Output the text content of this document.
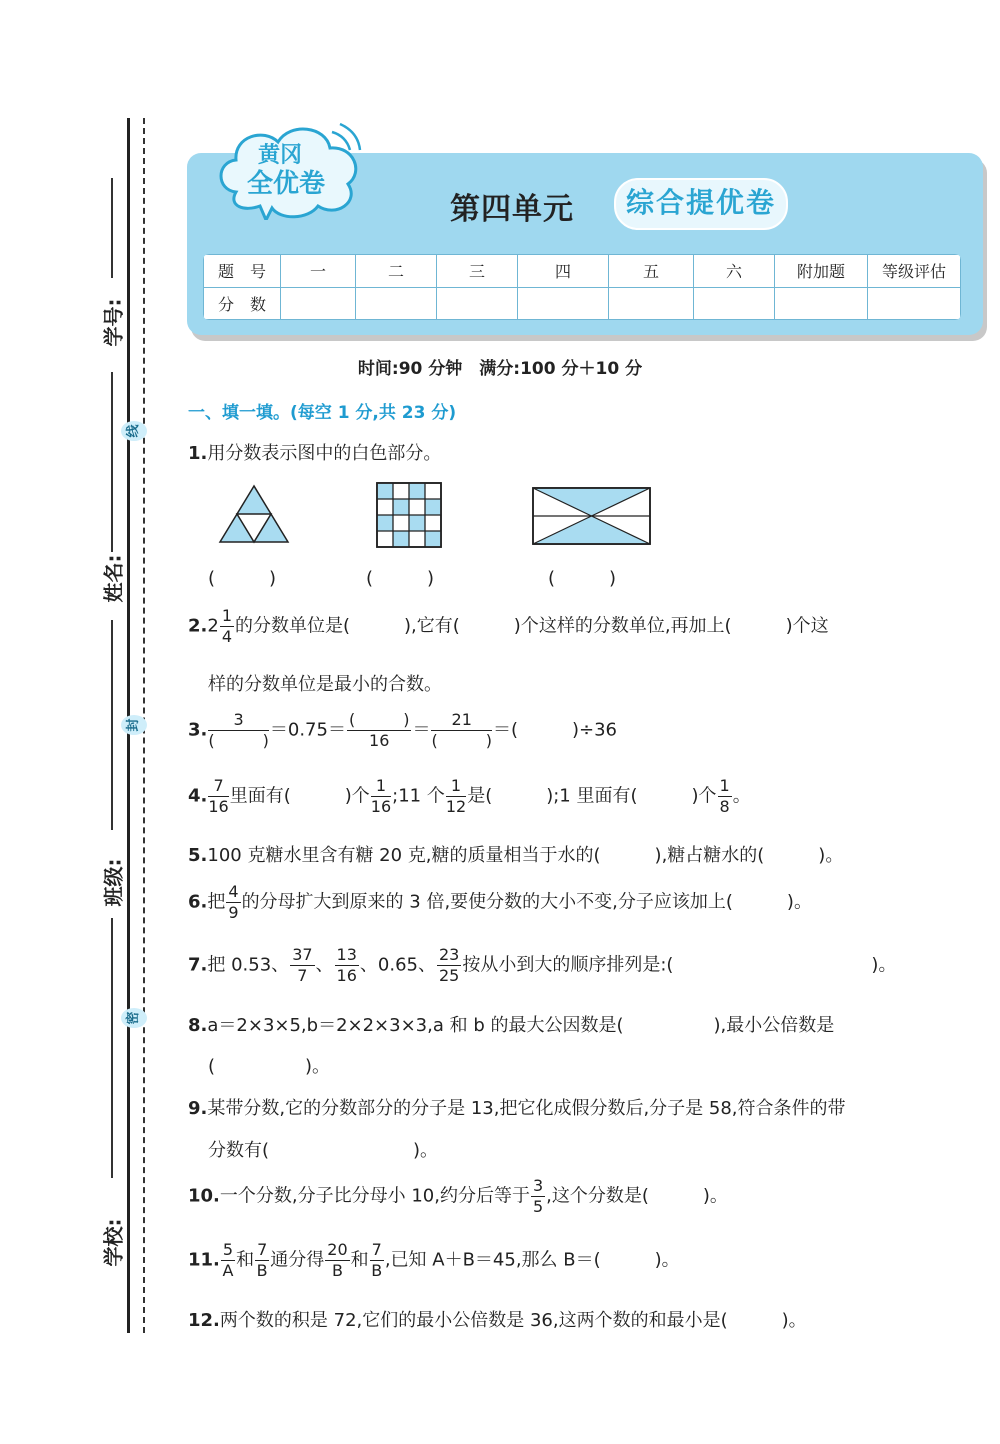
学号:
姓名:
班级:
学校:
线
封
密
黄冈
全优卷
第四单元	综合提优卷
题　号	一	二	三	四	五	六	附加题	等级评估
分　数								
时间:90 分钟　满分:100 分＋10 分
一、填一填。(每空 1 分,共 23 分)
1.用分数表示图中的白色部分。
(　　　)	(　　　)	(　　　)
$2.2 \frac{1}{4}$ 的分数单位是(　　　),它有(　　　)个这样的分数单位,再加上(　　　)个这
样的分数单位是最小的合数。
3. $\frac{3}{( )} =0.75= \frac{( )}{16} = \frac{21}{( )}$ ＝(　　　)÷36
4. $\frac{7}{16}$ 里面有(　　　)个 $\frac{1}{16}$ ;11 个 $\frac{1}{12}$ 是(　　　);1 里面有(　　　)个 $\frac{1}{8}$ 。
5.100 克糖水里含有糖 20 克,糖的质量相当于水的(　　　),糖占糖水的(　　　)。
6.把 $\frac{4}{9}$ 的分母扩大到原来的 3 倍,要使分数的大小不变,分子应该加上(　　　)。
7.把 0.53、 $\frac{37}{7}$ 、 $\frac{13}{16}$ 、0.65、 $\frac{23}{25}$ 按从小到大的顺序排列是:(　　　　　　　　　　　)。
8.a＝2×3×5,b＝2×2×3×3,a 和 b 的最大公因数是(　　　　　),最小公倍数是
(　　　　　)。
9.某带分数,它的分数部分的分子是 13,把它化成假分数后,分子是 58,符合条件的带
分数有(　　　　　　　　)。
10.一个分数,分子比分母小 10,约分后等于 $\frac{3}{5}$ ,这个分数是(　　　)。
11. $\frac{5}{A}$ 和 $\frac{7}{B}$ 通分得 $\frac{20}{B}$ 和 $\frac{7}{B}$ ,已知 A＋B＝45,那么 B＝(　　　)。
12.两个数的积是 72,它们的最小公倍数是 36,这两个数的和最小是(　　　)。
